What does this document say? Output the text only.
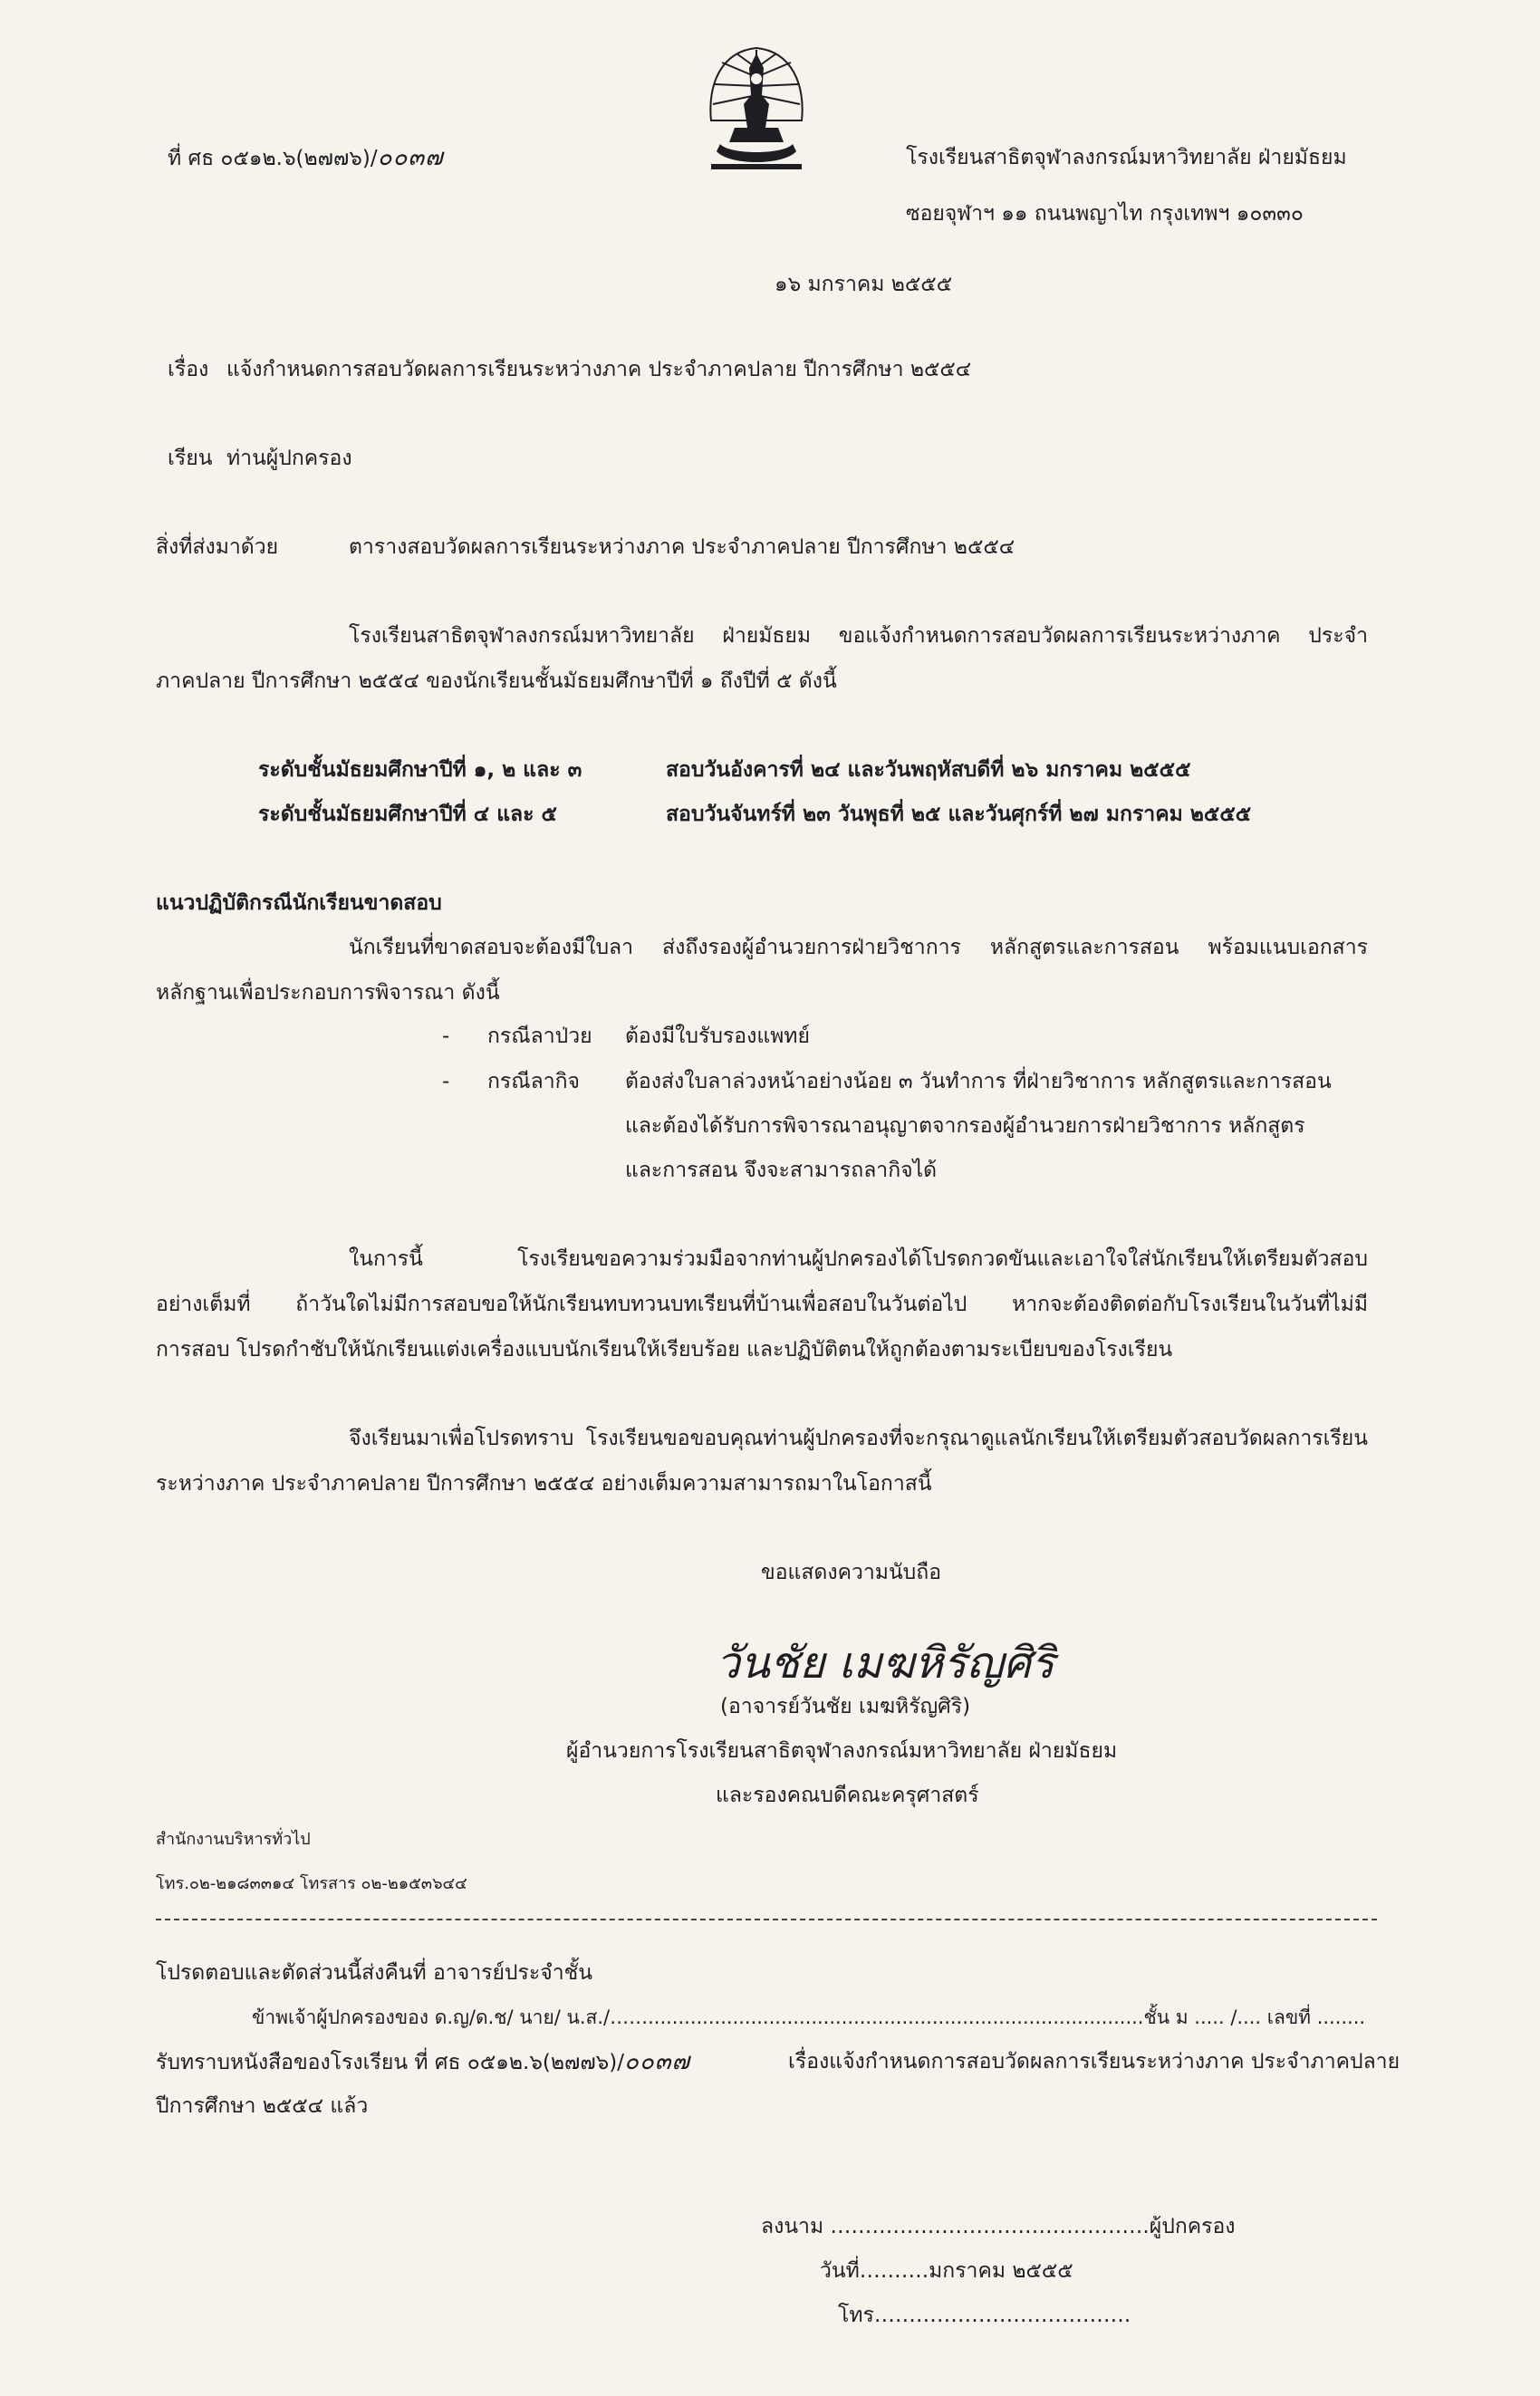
ที่ ศธ ๐๕๑๒.๖(๒๗๗๖)/๐๐๓๗	โรงเรียนสาธิตจุฬาลงกรณ์มหาวิทยาลัย ฝ่ายมัธยม
ซอยจุฬาฯ ๑๑ ถนนพญาไท กรุงเทพฯ ๑๐๓๓๐
๑๖ มกราคม ๒๕๕๕
เรื่อง แจ้งกำหนดการสอบวัดผลการเรียนระหว่างภาค ประจำภาคปลาย ปีการศึกษา ๒๕๕๔
เรียน ท่านผู้ปกครอง
สิ่งที่ส่งมาด้วย	ตารางสอบวัดผลการเรียนระหว่างภาค ประจำภาคปลาย ปีการศึกษา ๒๕๕๔
โรงเรียนสาธิตจุฬาลงกรณ์มหาวิทยาลัย ฝ่ายมัธยม ขอแจ้งกำหนดการสอบวัดผลการเรียนระหว่างภาค ประจำ
ภาคปลาย ปีการศึกษา ๒๕๕๔ ของนักเรียนชั้นมัธยมศึกษาปีที่ ๑ ถึงปีที่ ๕ ดังนี้
ระดับชั้นมัธยมศึกษาปีที่ ๑, ๒ และ ๓	สอบวันอังคารที่ ๒๔ และวันพฤหัสบดีที่ ๒๖ มกราคม ๒๕๕๕
ระดับชั้นมัธยมศึกษาปีที่ ๔ และ ๕	สอบวันจันทร์ที่ ๒๓ วันพุธที่ ๒๕ และวันศุกร์ที่ ๒๗ มกราคม ๒๕๕๕
แนวปฏิบัติกรณีนักเรียนขาดสอบ
นักเรียนที่ขาดสอบจะต้องมีใบลา ส่งถึงรองผู้อำนวยการฝ่ายวิชาการ หลักสูตรและการสอน พร้อมแนบเอกสาร
หลักฐานเพื่อประกอบการพิจารณา ดังนี้
- กรณีลาป่วย ต้องมีใบรับรองแพทย์
- กรณีลากิจ ต้องส่งใบลาล่วงหน้าอย่างน้อย ๓ วันทำการ ที่ฝ่ายวิชาการ หลักสูตรและการสอน
และต้องได้รับการพิจารณาอนุญาตจากรองผู้อำนวยการฝ่ายวิชาการ หลักสูตร
และการสอน จึงจะสามารถลากิจได้
ในการนี้ โรงเรียนขอความร่วมมือจากท่านผู้ปกครองได้โปรดกวดขันและเอาใจใส่นักเรียนให้เตรียมตัวสอบ
อย่างเต็มที่ ถ้าวันใดไม่มีการสอบขอให้นักเรียนทบทวนบทเรียนที่บ้านเพื่อสอบในวันต่อไป หากจะต้องติดต่อกับโรงเรียนในวันที่ไม่มี
การสอบ โปรดกำชับให้นักเรียนแต่งเครื่องแบบนักเรียนให้เรียบร้อย และปฏิบัติตนให้ถูกต้องตามระเบียบของโรงเรียน
จึงเรียนมาเพื่อโปรดทราบ โรงเรียนขอขอบคุณท่านผู้ปกครองที่จะกรุณาดูแลนักเรียนให้เตรียมตัวสอบวัดผลการเรียน
ระหว่างภาค ประจำภาคปลาย ปีการศึกษา ๒๕๕๔ อย่างเต็มความสามารถมาในโอกาสนี้
ขอแสดงความนับถือ
วันชัย เมฆหิรัญศิริ
(อาจารย์วันชัย เมฆหิรัญศิริ)
ผู้อำนวยการโรงเรียนสาธิตจุฬาลงกรณ์มหาวิทยาลัย ฝ่ายมัธยม
และรองคณบดีคณะครุศาสตร์
สำนักงานบริหารทั่วไป
โทร.๐๒-๒๑๘๓๓๑๔ โทรสาร ๐๒-๒๑๕๓๖๔๔
โปรดตอบและตัดส่วนนี้ส่งคืนที่ อาจารย์ประจำชั้น
ข้าพเจ้าผู้ปกครองของ ด.ญ/ด.ช/ นาย/ น.ส./……..................................................................................ชั้น ม ..... /.... เลขที่ ........
รับทราบหนังสือของโรงเรียน ที่ ศธ ๐๕๑๒.๖(๒๗๗๖)/๐๐๓๗	เรื่องแจ้งกำหนดการสอบวัดผลการเรียนระหว่างภาค ประจำภาคปลาย
ปีการศึกษา ๒๕๕๔ แล้ว
ลงนาม ……………………………………….ผู้ปกครอง
วันที่……….มกราคม ๒๕๕๕
โทร……………………………….
